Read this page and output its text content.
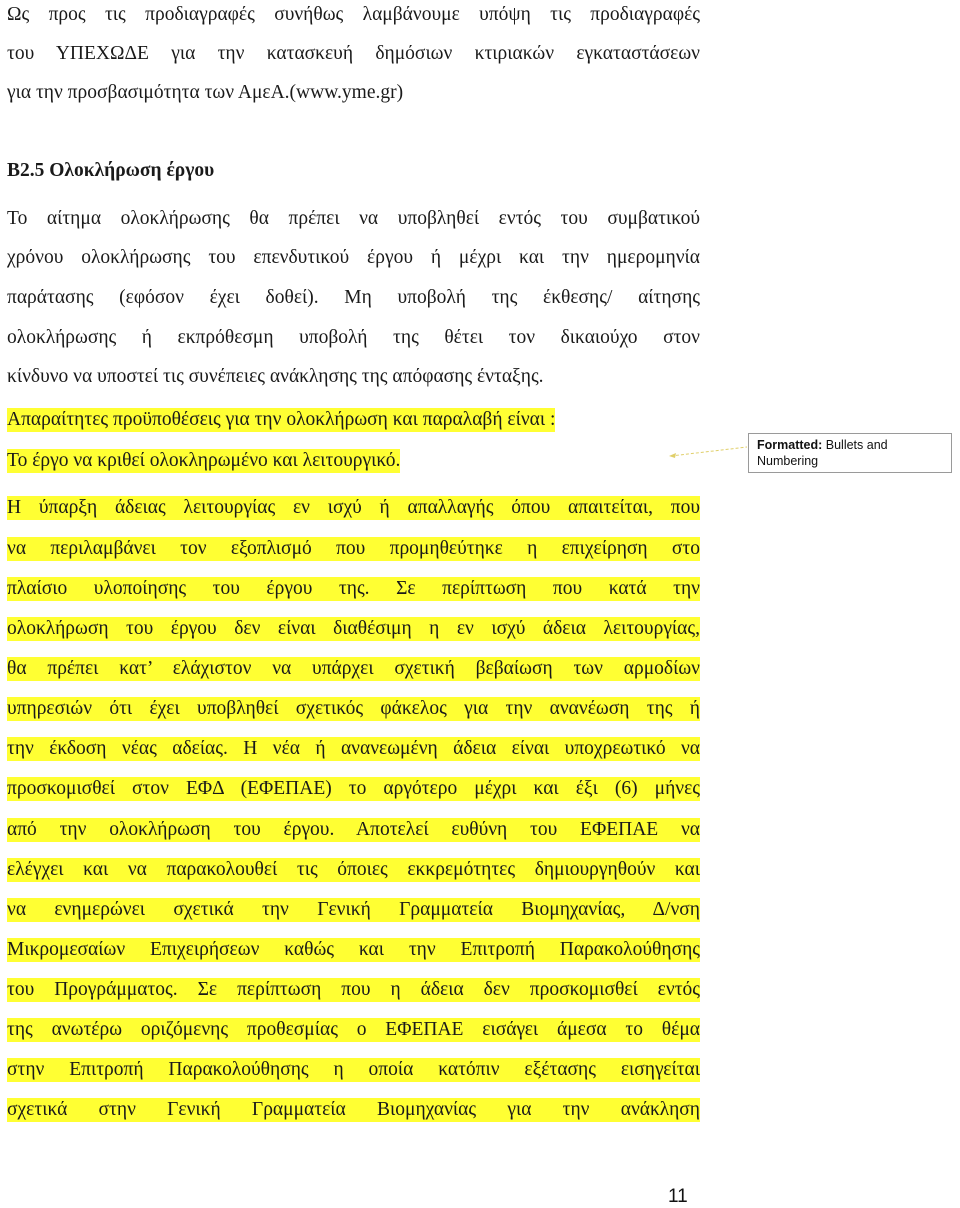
Ως προς τις προδιαγραφές συνήθως λαμβάνουμε υπόψη τις προδιαγραφές
του ΥΠΕΧΩΔΕ για την κατασκευή δημόσιων κτιριακών εγκαταστάσεων
για την προσβασιμότητα των ΑμεΑ.(www.yme.gr)
Β2.5 Ολοκλήρωση έργου
Το αίτημα ολοκλήρωσης θα πρέπει να υποβληθεί εντός του συμβατικού
χρόνου ολοκλήρωσης του επενδυτικού έργου ή μέχρι και την ημερομηνία
παράτασης (εφόσον έχει δοθεί). Μη υποβολή της έκθεσης/ αίτησης
ολοκλήρωσης ή εκπρόθεσμη υποβολή της θέτει τον δικαιούχο στον
κίνδυνο να υποστεί τις συνέπειες ανάκλησης της απόφασης ένταξης.
Απαραίτητες προϋποθέσεις για την ολοκλήρωση και παραλαβή είναι :
Το έργο να κριθεί ολοκληρωμένο και λειτουργικό.
Η ύπαρξη άδειας λειτουργίας εν ισχύ ή απαλλαγής όπου απαιτείται, που
να περιλαμβάνει τον εξοπλισμό που προμηθεύτηκε η επιχείρηση στο
πλαίσιο υλοποίησης του έργου της. Σε περίπτωση που κατά την
ολοκλήρωση του έργου δεν είναι διαθέσιμη η εν ισχύ άδεια λειτουργίας,
θα πρέπει κατ’ ελάχιστον να υπάρχει σχετική βεβαίωση των αρμοδίων
υπηρεσιών ότι έχει υποβληθεί σχετικός φάκελος για την ανανέωση της ή
την έκδοση νέας αδείας. Η νέα ή ανανεωμένη άδεια είναι υποχρεωτικό να
προσκομισθεί στον ΕΦΔ (ΕΦΕΠΑΕ) το αργότερο μέχρι και έξι (6) μήνες
από την ολοκλήρωση του έργου. Αποτελεί ευθύνη του ΕΦΕΠΑΕ να
ελέγχει και να παρακολουθεί τις όποιες εκκρεμότητες δημιουργηθούν και
να ενημερώνει σχετικά την Γενική Γραμματεία Βιομηχανίας, Δ/νση
Μικρομεσαίων Επιχειρήσεων καθώς και την Επιτροπή Παρακολούθησης
του Προγράμματος. Σε περίπτωση που η άδεια δεν προσκομισθεί εντός
της ανωτέρω οριζόμενης προθεσμίας ο ΕΦΕΠΑΕ εισάγει άμεσα το θέμα
στην Επιτροπή Παρακολούθησης η οποία κατόπιν εξέτασης εισηγείται
σχετικά στην Γενική Γραμματεία Βιομηχανίας για την ανάκληση
Formatted: Bullets and Numbering
11
